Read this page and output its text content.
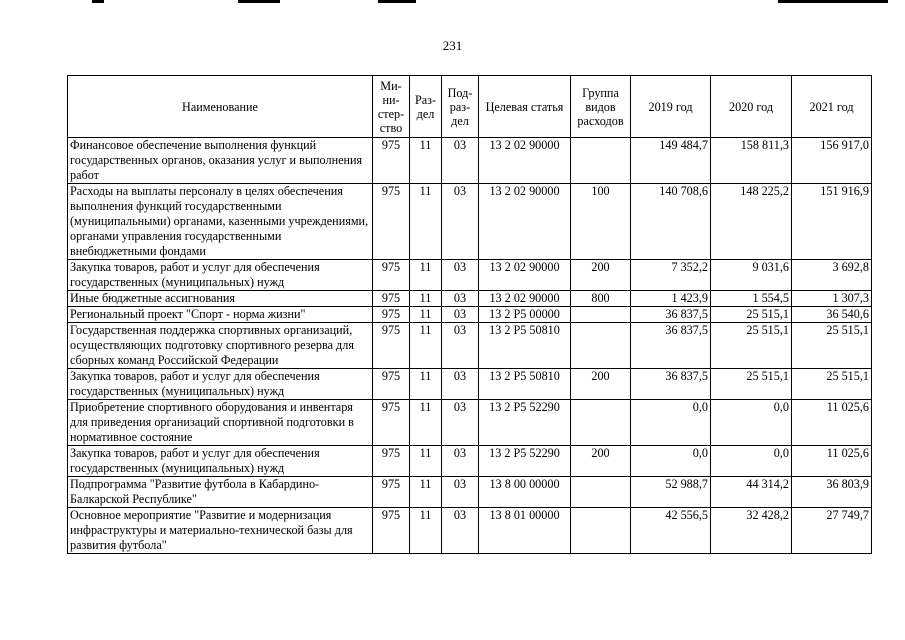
231
Наименование	Ми-ни-стер-ство	Раз-дел	Под-раз-дел	Целевая статья	Группа видов расходов	2019 год	2020 год	2021 год
Финансовое обеспечение выполнения функций государственных органов, оказания услуг и выполнения работ	975	11	03	13 2 02 90000		149 484,7	158 811,3	156 917,0
Расходы на выплаты персоналу в целях обеспечения выполнения функций государственными (муниципальными) органами, казенными учреждениями, органами управления государственными внебюджетными фондами	975	11	03	13 2 02 90000	100	140 708,6	148 225,2	151 916,9
Закупка товаров, работ и услуг для обеспечения государственных (муниципальных) нужд	975	11	03	13 2 02 90000	200	7 352,2	9 031,6	3 692,8
Иные бюджетные ассигнования	975	11	03	13 2 02 90000	800	1 423,9	1 554,5	1 307,3
Региональный проект "Спорт - норма жизни"	975	11	03	13 2 P5 00000		36 837,5	25 515,1	36 540,6
Государственная поддержка спортивных организаций, осуществляющих подготовку спортивного резерва для сборных команд Российской Федерации	975	11	03	13 2 P5 50810		36 837,5	25 515,1	25 515,1
Закупка товаров, работ и услуг для обеспечения государственных (муниципальных) нужд	975	11	03	13 2 P5 50810	200	36 837,5	25 515,1	25 515,1
Приобретение спортивного оборудования и инвентаря для приведения организаций спортивной подготовки в нормативное состояние	975	11	03	13 2 P5 52290		0,0	0,0	11 025,6
Закупка товаров, работ и услуг для обеспечения государственных (муниципальных) нужд	975	11	03	13 2 P5 52290	200	0,0	0,0	11 025,6
Подпрограмма "Развитие футбола в Кабардино-Балкарской Республике"	975	11	03	13 8 00 00000		52 988,7	44 314,2	36 803,9
Основное мероприятие "Развитие и модернизация инфраструктуры и материально-технической базы для развития футбола"	975	11	03	13 8 01 00000		42 556,5	32 428,2	27 749,7
